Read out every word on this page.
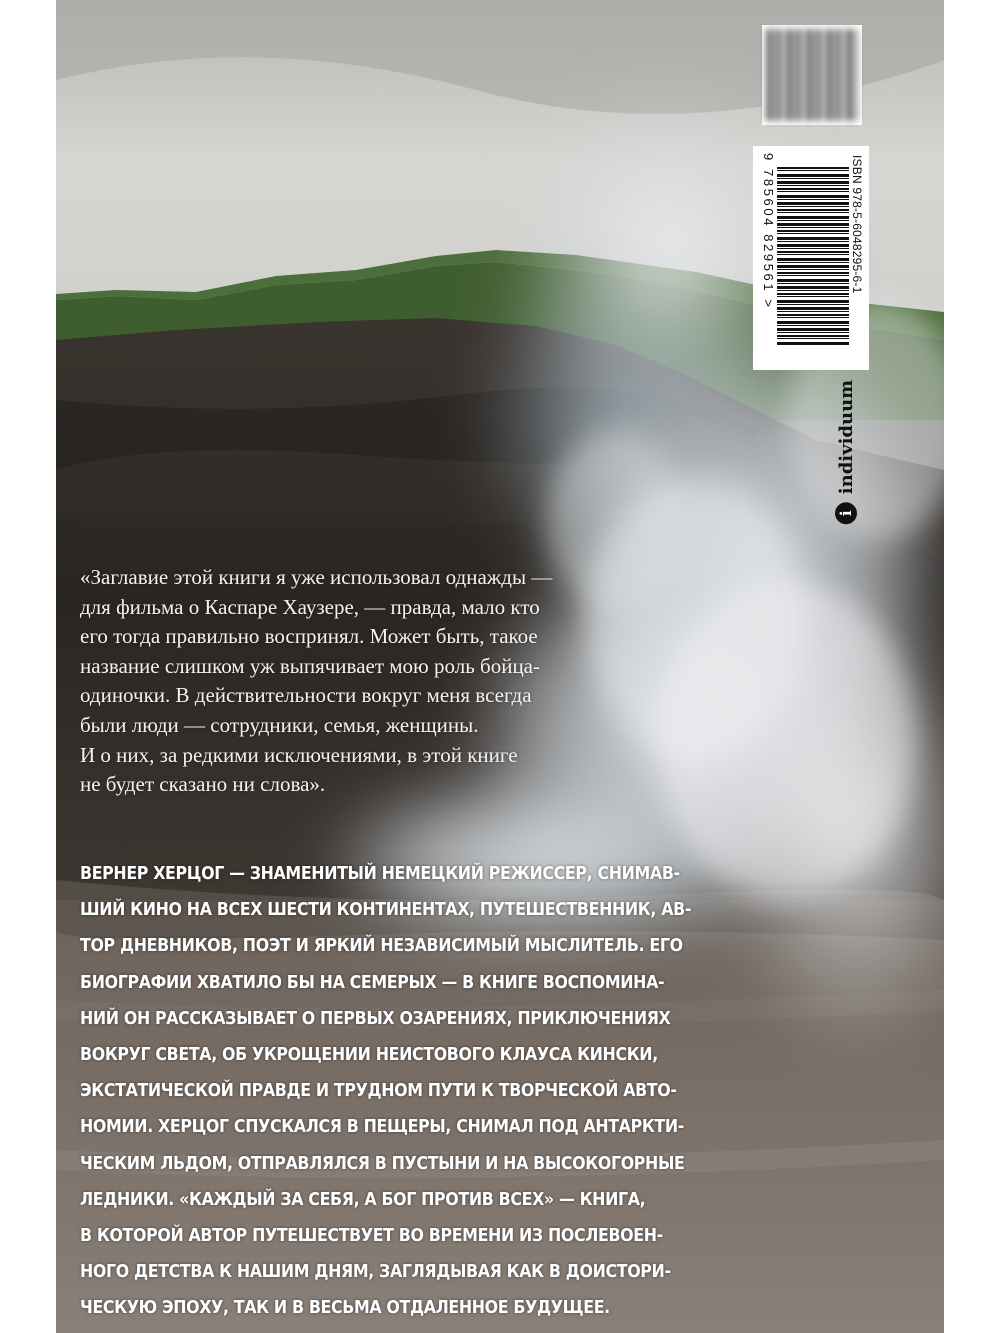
ISBN 978-5-6048295-6-1
9 785604 829561 >
i
individuum

«Заглавие этой книги я уже использовал однажды —
для фильма о Каспаре Хаузере, — правда, мало кто
его тогда правильно воспринял. Может быть, такое
название слишком уж выпячивает мою роль бойца-
одиночки. В действительности вокруг меня всегда
были люди — сотрудники, семья, женщины.
И о них, за редкими исключениями, в этой книге
не будет сказано ни слова».

ВЕРНЕР ХЕРЦОГ — ЗНАМЕНИТЫЙ НЕМЕЦКИЙ РЕЖИССЕР, СНИМАВ-
ШИЙ КИНО НА ВСЕХ ШЕСТИ КОНТИНЕНТАХ, ПУТЕШЕСТВЕННИК, АВ-
ТОР ДНЕВНИКОВ, ПОЭТ И ЯРКИЙ НЕЗАВИСИМЫЙ МЫСЛИТЕЛЬ. ЕГО
БИОГРАФИИ ХВАТИЛО БЫ НА СЕМЕРЫХ — В КНИГЕ ВОСПОМИНА-
НИЙ ОН РАССКАЗЫВАЕТ О ПЕРВЫХ ОЗАРЕНИЯХ, ПРИКЛЮЧЕНИЯХ
ВОКРУГ СВЕТА, ОБ УКРОЩЕНИИ НЕИСТОВОГО КЛАУСА КИНСКИ,
ЭКСТАТИЧЕСКОЙ ПРАВДЕ И ТРУДНОМ ПУТИ К ТВОРЧЕСКОЙ АВТО-
НОМИИ. ХЕРЦОГ СПУСКАЛСЯ В ПЕЩЕРЫ, СНИМАЛ ПОД АНТАРКТИ-
ЧЕСКИМ ЛЬДОМ, ОТПРАВЛЯЛСЯ В ПУСТЫНИ И НА ВЫСОКОГОРНЫЕ
ЛЕДНИКИ. «КАЖДЫЙ ЗА СЕБЯ, А БОГ ПРОТИВ ВСЕХ» — КНИГА,
В КОТОРОЙ АВТОР ПУТЕШЕСТВУЕТ ВО ВРЕМЕНИ ИЗ ПОСЛЕВОЕН-
НОГО ДЕТСТВА К НАШИМ ДНЯМ, ЗАГЛЯДЫВАЯ КАК В ДОИСТОРИ-
ЧЕСКУЮ ЭПОХУ, ТАК И В ВЕСЬМА ОТДАЛЕННОЕ БУДУЩЕЕ.
